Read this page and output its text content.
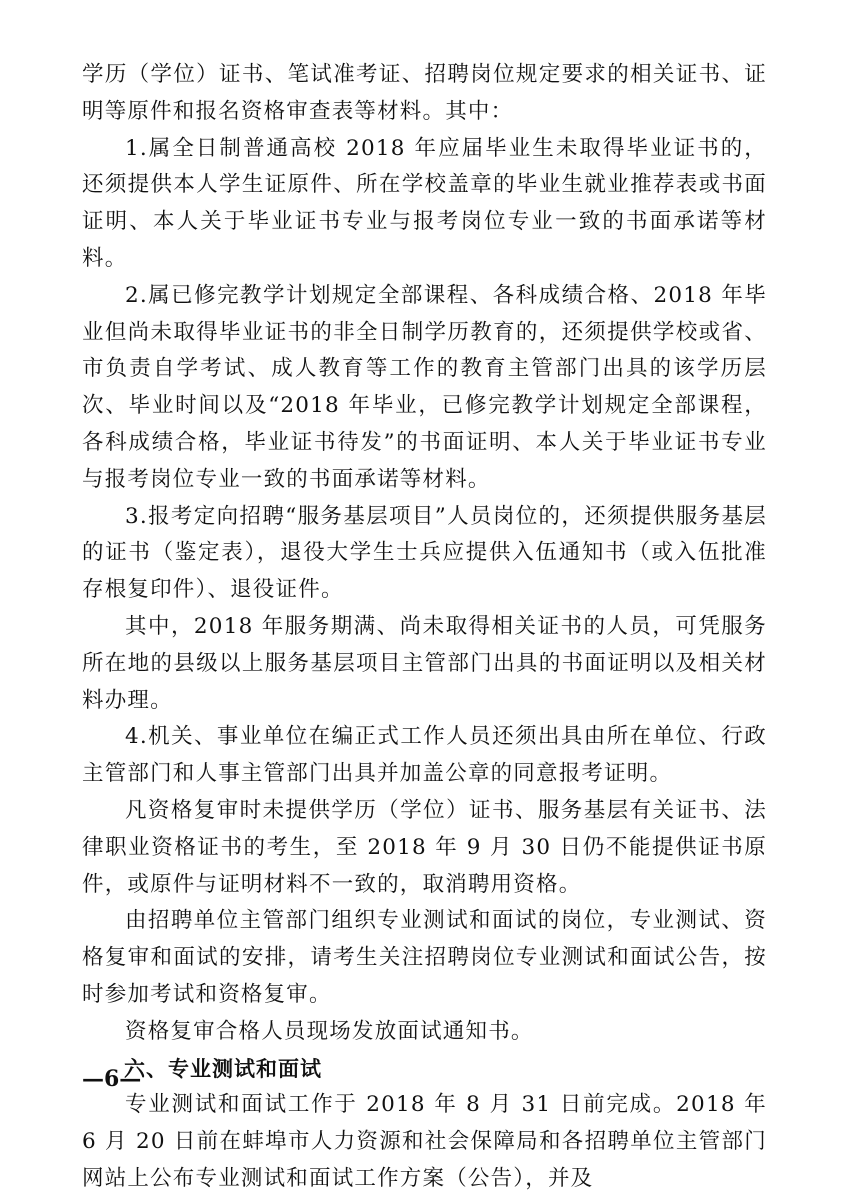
学历（学位）证书、笔试准考证、招聘岗位规定要求的相关证书、证明等原件和报名资格审查表等材料。其中：

1.属全日制普通高校 2018 年应届毕业生未取得毕业证书的，还须提供本人学生证原件、所在学校盖章的毕业生就业推荐表或书面证明、本人关于毕业证书专业与报考岗位专业一致的书面承诺等材料。

2.属已修完教学计划规定全部课程、各科成绩合格、2018 年毕业但尚未取得毕业证书的非全日制学历教育的，还须提供学校或省、市负责自学考试、成人教育等工作的教育主管部门出具的该学历层次、毕业时间以及“2018 年毕业，已修完教学计划规定全部课程，各科成绩合格，毕业证书待发”的书面证明、本人关于毕业证书专业与报考岗位专业一致的书面承诺等材料。

3.报考定向招聘“服务基层项目”人员岗位的，还须提供服务基层的证书（鉴定表），退役大学生士兵应提供入伍通知书（或入伍批准存根复印件）、退役证件。

其中，2018 年服务期满、尚未取得相关证书的人员，可凭服务所在地的县级以上服务基层项目主管部门出具的书面证明以及相关材料办理。

4.机关、事业单位在编正式工作人员还须出具由所在单位、行政主管部门和人事主管部门出具并加盖公章的同意报考证明。

凡资格复审时未提供学历（学位）证书、服务基层有关证书、法律职业资格证书的考生，至 2018 年 9 月 30 日仍不能提供证书原件，或原件与证明材料不一致的，取消聘用资格。

由招聘单位主管部门组织专业测试和面试的岗位，专业测试、资格复审和面试的安排，请考生关注招聘岗位专业测试和面试公告，按时参加考试和资格复审。

资格复审合格人员现场发放面试通知书。

六、专业测试和面试

专业测试和面试工作于 2018 年 8 月 31 日前完成。2018 年 6 月 20 日前在蚌埠市人力资源和社会保障局和各招聘单位主管部门网站上公布专业测试和面试工作方案（公告），并及

—6—
